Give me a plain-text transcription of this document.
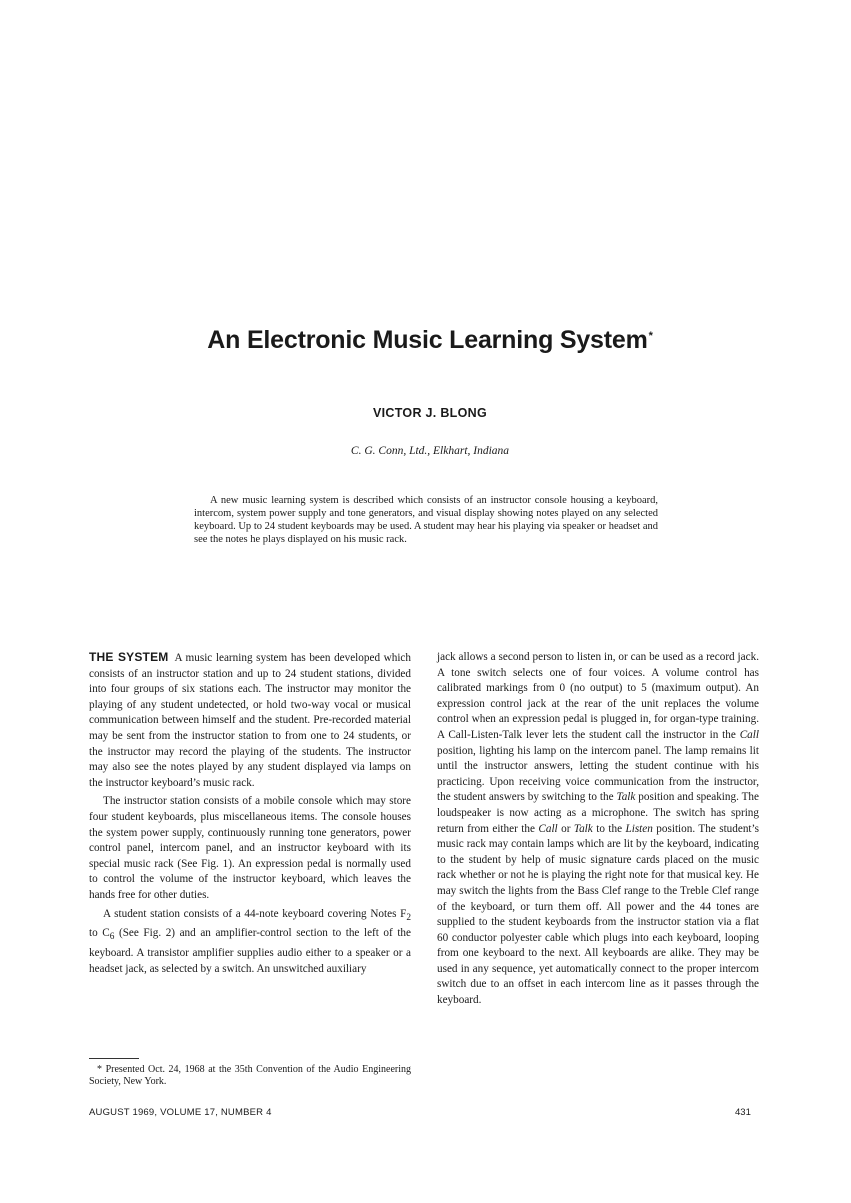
An Electronic Music Learning System*
VICTOR J. BLONG
C. G. Conn, Ltd., Elkhart, Indiana
A new music learning system is described which consists of an instructor console housing a keyboard, intercom, system power supply and tone generators, and visual display showing notes played on any selected keyboard. Up to 24 student keyboards may be used. A student may hear his playing via speaker or headset and see the notes he plays displayed on his music rack.

THE SYSTEM A music learning system has been developed which consists of an instructor station and up to 24 student stations, divided into four groups of six stations each. The instructor may monitor the playing of any student undetected, or hold two-way vocal or musical communication between himself and the student. Pre-recorded material may be sent from the instructor station to from one to 24 students, or the instructor may record the playing of the students. The instructor may also see the notes played by any student displayed via lamps on the instructor keyboard’s music rack.

The instructor station consists of a mobile console which may store four student keyboards, plus miscellaneous items. The console houses the system power supply, continuously running tone generators, power control panel, intercom panel, and an instructor keyboard with its special music rack (See Fig. 1). An expression pedal is normally used to control the volume of the instructor keyboard, which leaves the hands free for other duties.

A student station consists of a 44-note keyboard covering Notes $F_2$ to $C_6$ (See Fig. 2) and an amplifier-control section to the left of the keyboard. A transistor amplifier supplies audio either to a speaker or a headset jack, as selected by a switch. An unswitched auxiliary

jack allows a second person to listen in, or can be used as a record jack. A tone switch selects one of four voices. A volume control has calibrated markings from 0 (no output) to 5 (maximum output). An expression control jack at the rear of the unit replaces the volume control when an expression pedal is plugged in, for organ-type training. A Call-Listen-Talk lever lets the student call the instructor in the Call position, lighting his lamp on the intercom panel. The lamp remains lit until the instructor answers, letting the student continue with his practicing. Upon receiving voice communication from the instructor, the student answers by switching to the Talk position and speaking. The loudspeaker is now acting as a microphone. The switch has spring return from either the Call or Talk to the Listen position. The student’s music rack may contain lamps which are lit by the keyboard, indicating to the student by help of music signature cards placed on the music rack whether or not he is playing the right note for that musical key. He may switch the lights from the Bass Clef range to the Treble Clef range of the keyboard, or turn them off. All power and the 44 tones are supplied to the student keyboards from the instructor station via a flat 60 conductor polyester cable which plugs into each keyboard, looping from one keyboard to the next. All keyboards are alike. They may be used in any sequence, yet automatically connect to the proper intercom switch due to an offset in each intercom line as it passes through the keyboard.

* Presented Oct. 24, 1968 at the 35th Convention of the Audio Engineering Society, New York.
AUGUST 1969, VOLUME 17, NUMBER 4	431
